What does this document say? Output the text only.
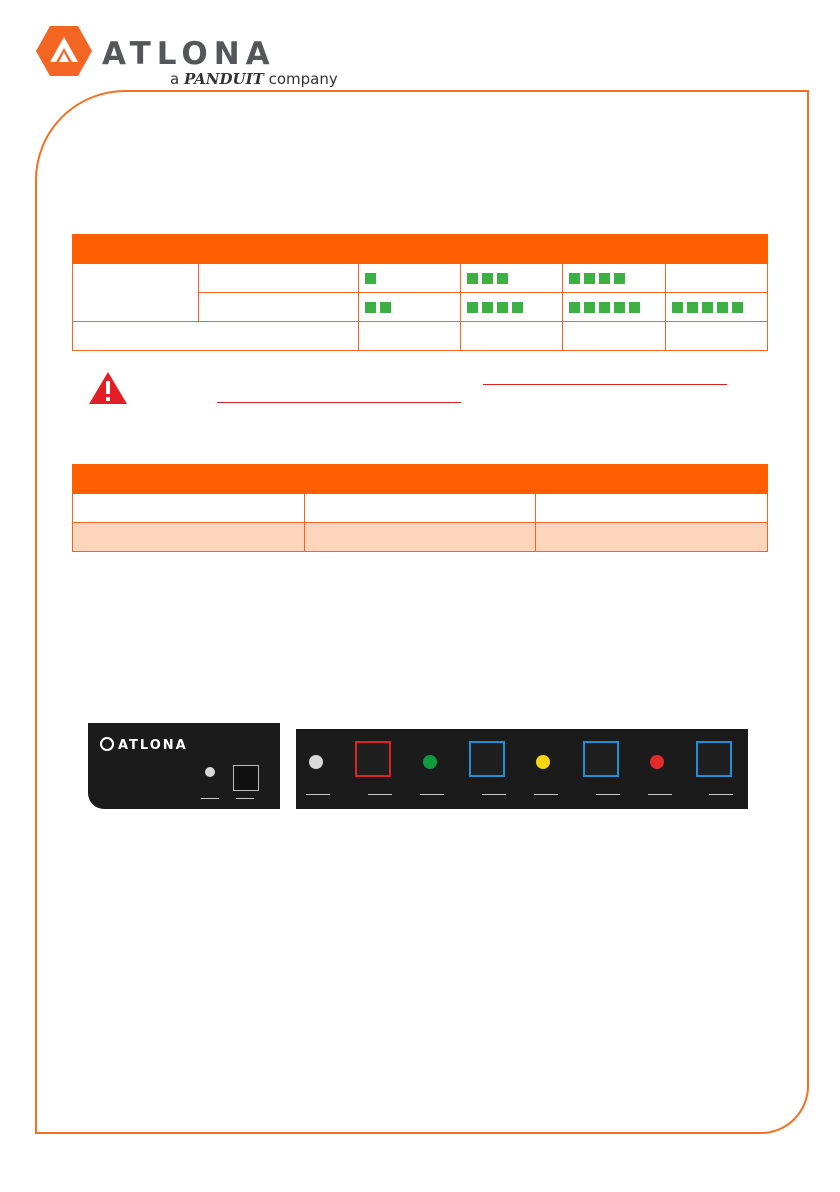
ATLONA
a PANDUIT company

ATLONA
